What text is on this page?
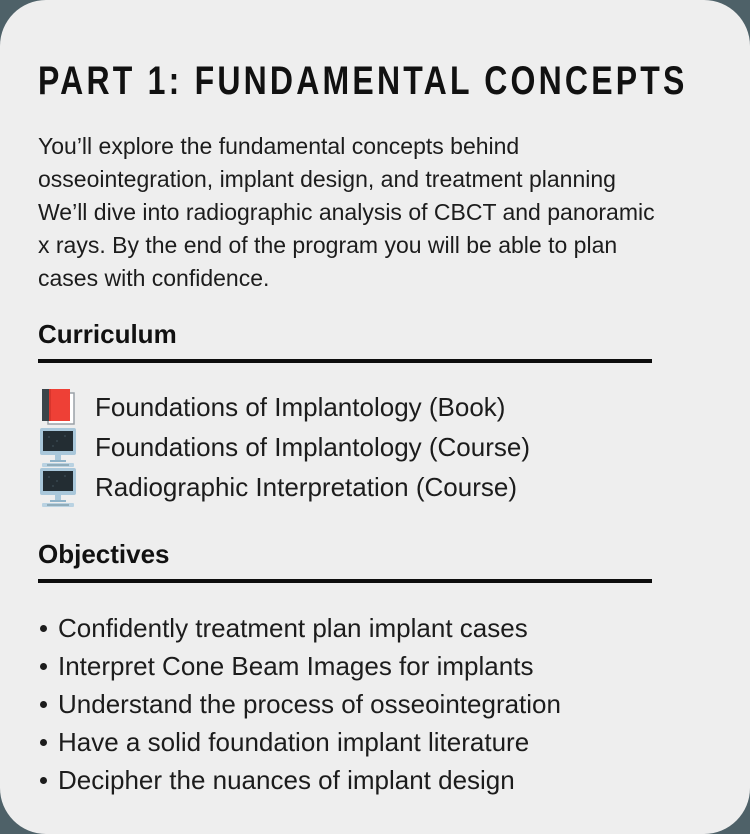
PART 1: FUNDAMENTAL CONCEPTS
You’ll explore the fundamental concepts behind
osseointegration, implant design, and treatment planning
We’ll dive into radiographic analysis of CBCT and panoramic
x rays. By the end of the program you will be able to plan
cases with confidence.
Curriculum
Foundations of Implantology (Book)
Foundations of Implantology (Course)
Radiographic Interpretation (Course)
Objectives
Confidently treatment plan implant cases
Interpret Cone Beam Images for implants
Understand the process of osseointegration
Have a solid foundation implant literature
Decipher the nuances of implant design
